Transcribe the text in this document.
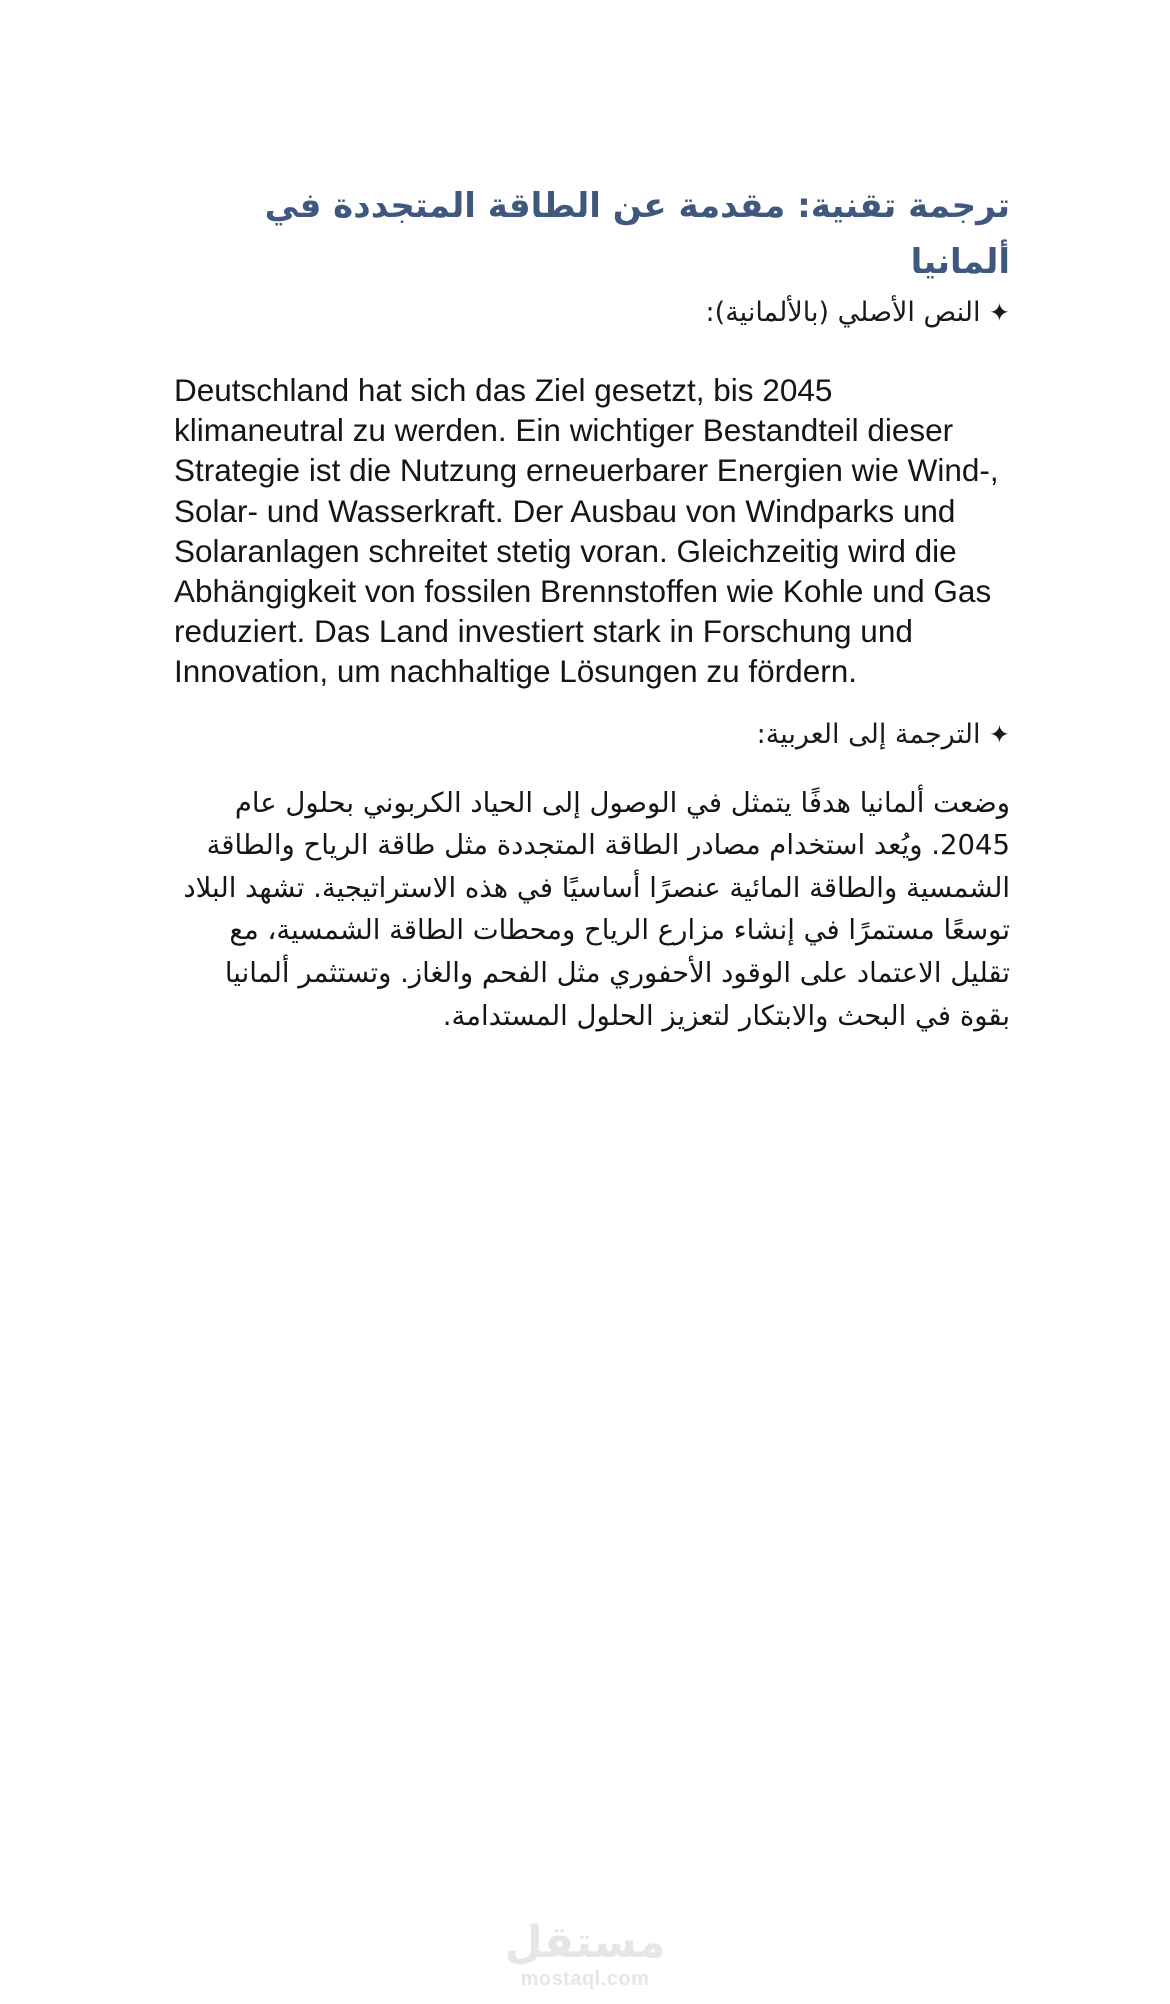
ترجمة تقنية: مقدمة عن الطاقة المتجددة في ألمانيا

✦ النص الأصلي (بالألمانية):

Deutschland hat sich das Ziel gesetzt, bis 2045 klimaneutral zu werden. Ein wichtiger Bestandteil dieser Strategie ist die Nutzung erneuerbarer Energien wie Wind-, Solar- und Wasserkraft. Der Ausbau von Windparks und Solaranlagen schreitet stetig voran. Gleichzeitig wird die Abhängigkeit von fossilen Brennstoffen wie Kohle und Gas reduziert. Das Land investiert stark in Forschung und Innovation, um nachhaltige Lösungen zu fördern.

✦ الترجمة إلى العربية:

وضعت ألمانيا هدفًا يتمثل في الوصول إلى الحياد الكربوني بحلول عام 2045. ويُعد استخدام مصادر الطاقة المتجددة مثل طاقة الرياح والطاقة الشمسية والطاقة المائية عنصرًا أساسيًا في هذه الاستراتيجية. تشهد البلاد توسعًا مستمرًا في إنشاء مزارع الرياح ومحطات الطاقة الشمسية، مع تقليل الاعتماد على الوقود الأحفوري مثل الفحم والغاز. وتستثمر ألمانيا بقوة في البحث والابتكار لتعزيز الحلول المستدامة.

مستقل
mostaql.com
